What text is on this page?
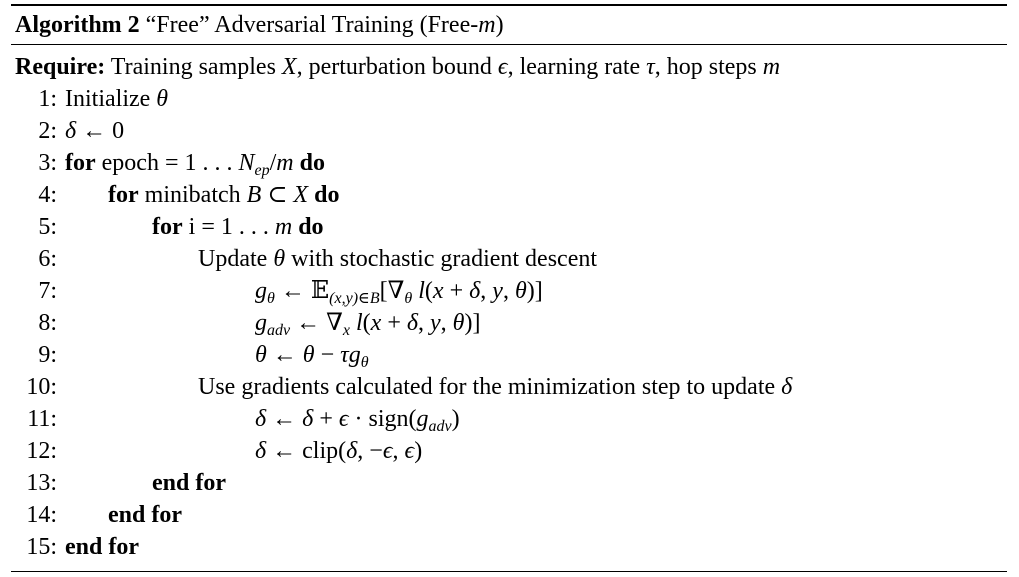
Algorithm 2 “Free” Adversarial Training (Free-m)
Require: Training samples X, perturbation bound ϵ, learning rate τ, hop steps m
1: Initialize θ
2: δ ← 0
3: for epoch = 1 . . . $N_{ep}/m$ do
4: for minibatch B ⊂ X do
5:	for i = 1 . . . m do
6:	Update θ with stochastic gradient descent
7:	$g_\theta$ ← $𝔼_{(x,y)\in B}[\nabla_\theta$ l(x + δ, y, θ)]
8:	$g_{adv}$ ← $\nabla_x$ l(x + δ, y, θ)]
9:	θ ← $\theta - \tau g_\theta$
10:	Use gradients calculated for the minimization step to update δ
11:	δ ← $\delta + \epsilon \cdot sign(g_{adv})$
12:	δ ← clip(δ, −ϵ, ϵ)
13:	end for
14: end for
15: end for
